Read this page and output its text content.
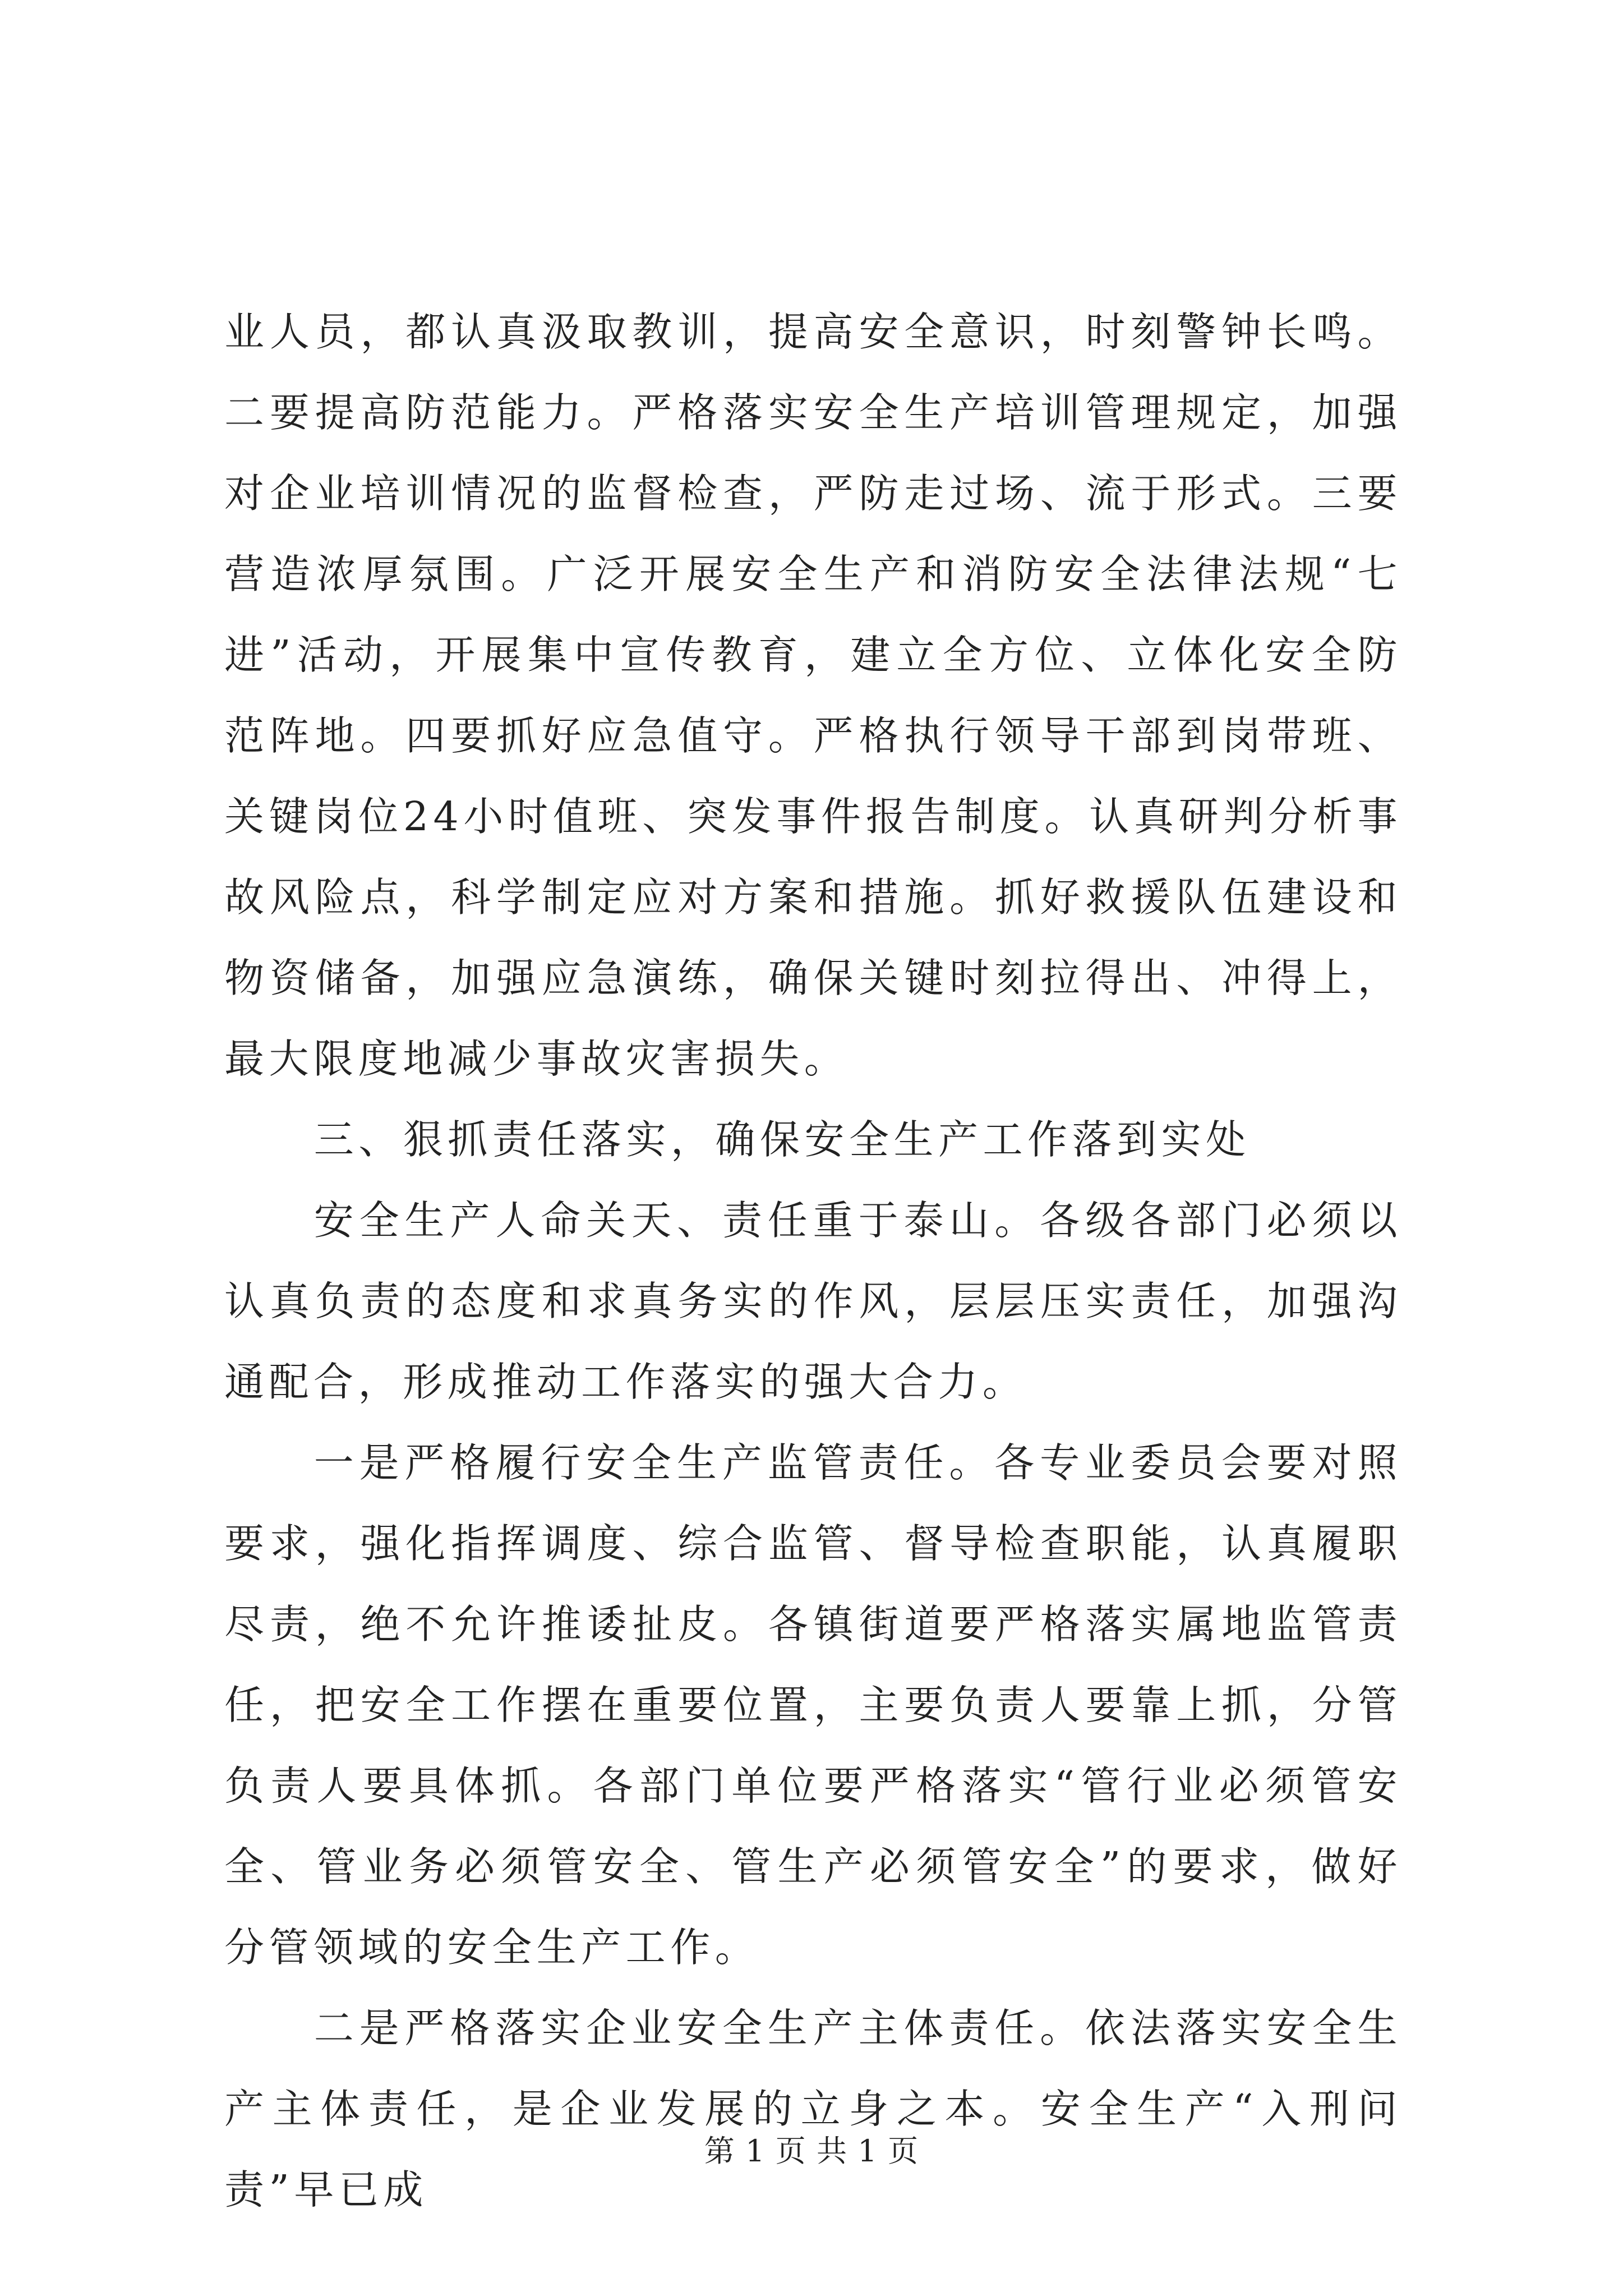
业人员，都认真汲取教训，提高安全意识，时刻警钟长鸣。二要提高防范能力。严格落实安全生产培训管理规定，加强对企业培训情况的监督检查，严防走过场、流于形式。三要营造浓厚氛围。广泛开展安全生产和消防安全法律法规“七进”活动，开展集中宣传教育，建立全方位、立体化安全防范阵地。四要抓好应急值守。严格执行领导干部到岗带班、关键岗位24小时值班、突发事件报告制度。认真研判分析事故风险点，科学制定应对方案和措施。抓好救援队伍建设和物资储备，加强应急演练，确保关键时刻拉得出、冲得上，最大限度地减少事故灾害损失。

三、狠抓责任落实，确保安全生产工作落到实处

安全生产人命关天、责任重于泰山。各级各部门必须以认真负责的态度和求真务实的作风，层层压实责任，加强沟通配合，形成推动工作落实的强大合力。

一是严格履行安全生产监管责任。各专业委员会要对照要求，强化指挥调度、综合监管、督导检查职能，认真履职尽责，绝不允许推诿扯皮。各镇街道要严格落实属地监管责任，把安全工作摆在重要位置，主要负责人要靠上抓，分管负责人要具体抓。各部门单位要严格落实“管行业必须管安全、管业务必须管安全、管生产必须管安全”的要求，做好分管领域的安全生产工作。

二是严格落实企业安全生产主体责任。依法落实安全生产主体责任，是企业发展的立身之本。安全生产“入刑问责”早已成

第 1 页 共 1 页
